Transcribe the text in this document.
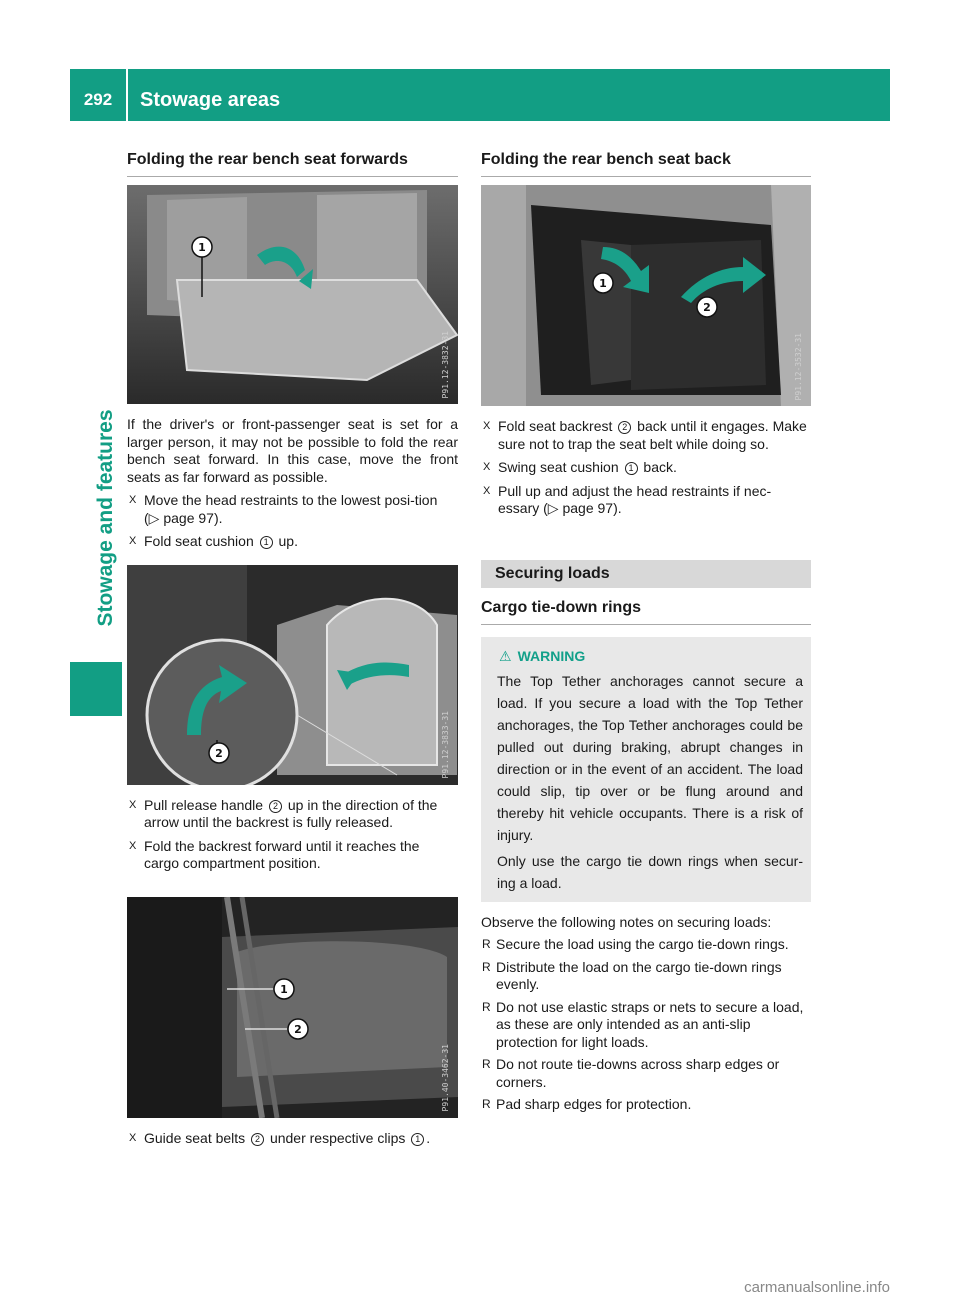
292	Stowage areas
Stowage and features
Folding the rear bench seat forwards
1
P91.12-3832-31

If the driver's or front-passenger seat is set for a larger person, it may not be possible to fold the rear bench seat forward. In this case, move the front seats as far forward as possible.

X Move the head restraints to the lowest posi-tion (▷ page 97).
X Fold seat cushion 1 up.
2	P91.12-3833-31
X Pull release handle 2 up in the direction of the arrow until the backrest is fully released.
X Fold the backrest forward until it reaches the cargo compartment position.
1
2
P91.40-3462-31
X Guide seat belts 2 under respective clips 1 .
Folding the rear bench seat back
1
2
P91.12-3532-31
X Fold seat backrest 2 back until it engages. Make sure not to trap the seat belt while doing so.
X Swing seat cushion 1 back.
X Pull up and adjust the head restraints if nec-essary (▷ page 97).
Securing loads
Cargo tie-down rings
⚠ WARNING

The Top Tether anchorages cannot secure a load. If you secure a load with the Top Tether anchorages, the Top Tether anchorages could be pulled out during braking, abrupt changes in direction or in the event of an accident. The load could slip, tip over or be flung around and thereby hit vehicle occupants. There is a risk of injury.

Only use the cargo tie down rings when secur-ing a load.

Observe the following notes on securing loads:

R Secure the load using the cargo tie-down rings.
R Distribute the load on the cargo tie-down rings evenly.
R Do not use elastic straps or nets to secure a load, as these are only intended as an anti-slip protection for light loads.
R Do not route tie-downs across sharp edges or corners.
R Pad sharp edges for protection.
carmanualsonline.info
